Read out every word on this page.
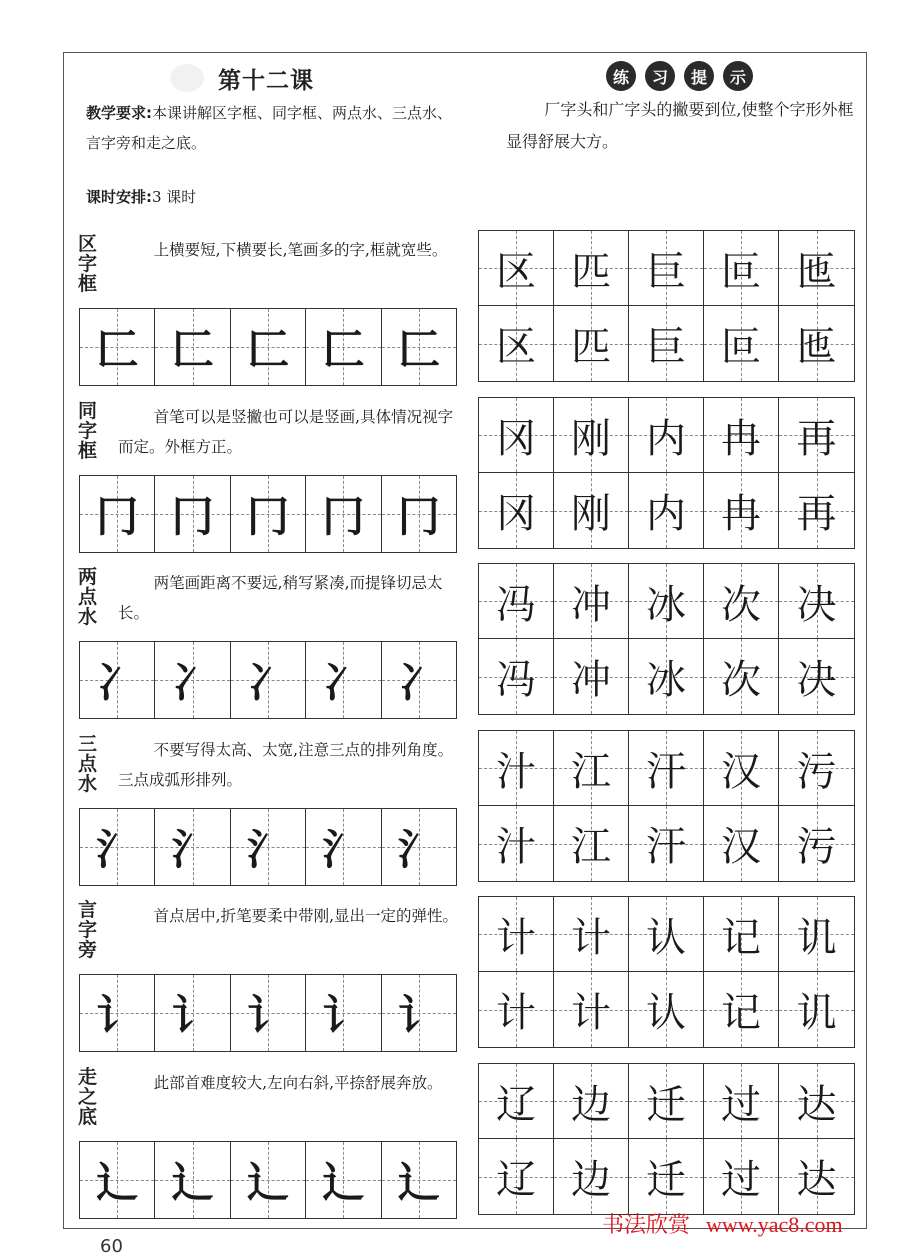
第十二课
教学要求:本课讲解区字框、同字框、两点水、三点水、言字旁和走之底。
课时安排:3 课时
练	习	提	示
厂字头和广字头的撇要到位,使整个字形外框显得舒展大方。
区字框
上横要短,下横要长,笔画多的字,框就宽些。
匚 匚 匚 匚 匚
区 匹 巨 叵 匜
区 匹 巨 叵 匜
同字框
首笔可以是竖撇也可以是竖画,具体情况视字而定。外框方正。
冂 冂 冂 冂 冂
冈 刚 内 冉 再
冈 刚 内 冉 再
两点水
两笔画距离不要远,稍写紧凑,而提锋切忌太长。
冫 冫 冫 冫 冫
冯 冲 冰 次 决
冯 冲 冰 次 决
三点水
不要写得太高、太宽,注意三点的排列角度。三点成弧形排列。
氵 氵 氵 氵 氵
汁 江 汗 汉 污
汁 江 汗 汉 污
言字旁
首点居中,折笔要柔中带刚,显出一定的弹性。
讠 讠 讠 讠 讠
计 计 认 记 讥
计 计 认 记 讥
走之底
此部首难度较大,左向右斜,平捺舒展奔放。
辶 辶 辶 辶 辶
辽 边 迁 过 达
辽 边 迁 过 达
60
书法欣赏 www.yac8.com
